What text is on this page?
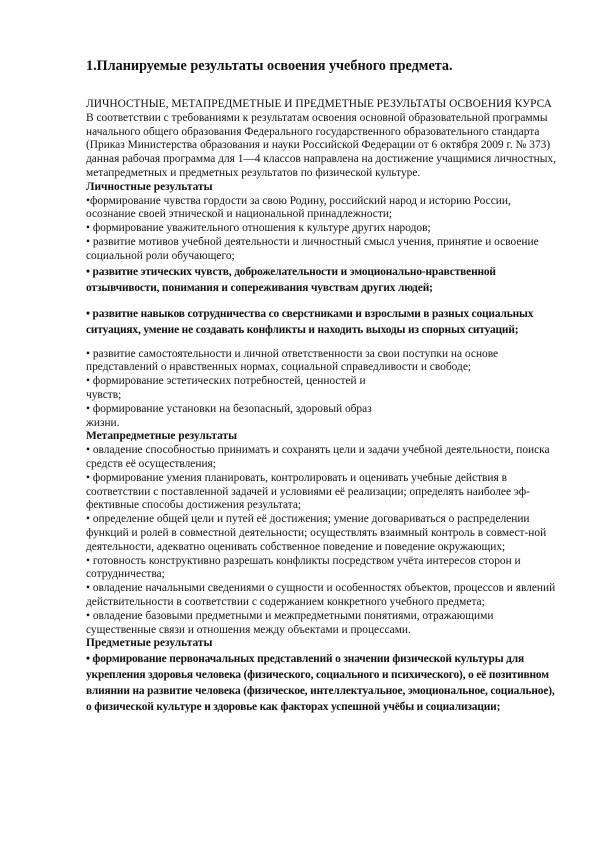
1.Планируемые результаты освоения учебного предмета.
ЛИЧНОСТНЫЕ, МЕТАПРЕДМЕТНЫЕ И ПРЕДМЕТНЫЕ РЕЗУЛЬТАТЫ ОСВОЕНИЯ КУРСА
В соответствии с требованиями к результатам освоения основной образовательной программы начального общего образования Федерального государственного образовательного стандарта (Приказ Министерства образования и науки Российской Федерации от 6 октября 2009 г. № 373) данная рабочая программа для 1—4 классов направлена на достижение учащимися личностных, метапредметных и предметных результатов по физической культуре.
Личностные результаты
•формирование чувства гордости за свою Родину, российский народ и историю России, осознание своей этнической и национальной принадлежности;
• формирование уважительного отношения к культуре других народов;
• развитие мотивов учебной деятельности и личностный смысл учения, принятие и освоение социальной роли обучающего;
• развитие этических чувств, доброжелательности и эмоционально-нравственной отзывчивости, понимания и сопереживания чувствам других людей;
• развитие навыков сотрудничества со сверстниками и взрослыми в разных социальных ситуациях, умение не создавать конфликты и находить выходы из спорных ситуаций;
• развитие самостоятельности и личной ответственности за свои поступки на основе представлений о нравственных нормах, социальной справедливости и свободе;
• формирование эстетических потребностей, ценностей и
чувств;
• формирование установки на безопасный, здоровый образ
жизни.
Метапредметные результаты
• овладение способностью принимать и сохранять цели и задачи учебной деятельности, поиска средств её осуществления;
• формирование умения планировать, контролировать и оценивать учебные действия в соответствии с поставленной задачей и условиями её реализации; определять наиболее эф-фективные способы достижения результата;
• определение общей цели и путей её достижения; умение договариваться о распределении функций и ролей в совместной деятельности; осуществлять взаимный контроль в совмест-ной деятельности, адекватно оценивать собственное поведение и поведение окружающих;
• готовность конструктивно разрешать конфликты посредством учёта интересов сторон и сотрудничества;
• овладение начальными сведениями о сущности и особенностях объектов, процессов и явлений действительности в соответствии с содержанием конкретного учебного предмета;
• овладение базовыми предметными и межпредметными понятиями, отражающими существенные связи и отношения между объектами и процессами.
Предметные результаты
• формирование первоначальных представлений о значении физической культуры для укрепления здоровья человека (физического, социального и психического), о её позитивном влиянии на развитие человека (физическое, интеллектуальное, эмоциональное, социальное), о физической культуре и здоровье как факторах успешной учёбы и социализации;
